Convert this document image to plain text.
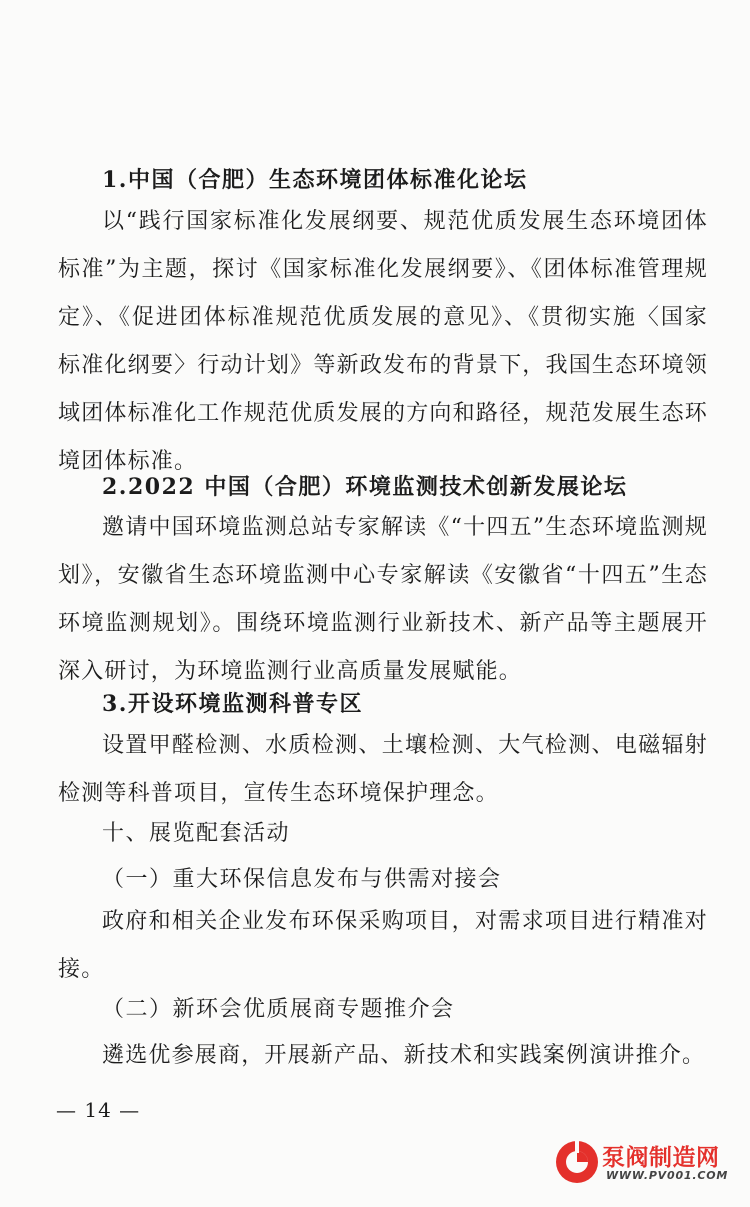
1.中国（合肥）生态环境团体标准化论坛

以“践行国家标准化发展纲要、规范优质发展生态环境团体标准”为主题，探讨《国家标准化发展纲要》、《团体标准管理规定》、《促进团体标准规范优质发展的意见》、《贯彻实施〈国家标准化纲要〉行动计划》等新政发布的背景下，我国生态环境领域团体标准化工作规范优质发展的方向和路径，规范发展生态环境团体标准。

2.2022 中国（合肥）环境监测技术创新发展论坛

邀请中国环境监测总站专家解读《“十四五”生态环境监测规划》，安徽省生态环境监测中心专家解读《安徽省“十四五”生态环境监测规划》。围绕环境监测行业新技术、新产品等主题展开深入研讨，为环境监测行业高质量发展赋能。

3.开设环境监测科普专区

设置甲醛检测、水质检测、土壤检测、大气检测、电磁辐射检测等科普项目，宣传生态环境保护理念。

十、展览配套活动

（一）重大环保信息发布与供需对接会

政府和相关企业发布环保采购项目，对需求项目进行精准对接。

（二）新环会优质展商专题推介会

遴选优参展商，开展新产品、新技术和实践案例演讲推介。

— 14 —
泵阀制造网
WWW.PV001.COM
